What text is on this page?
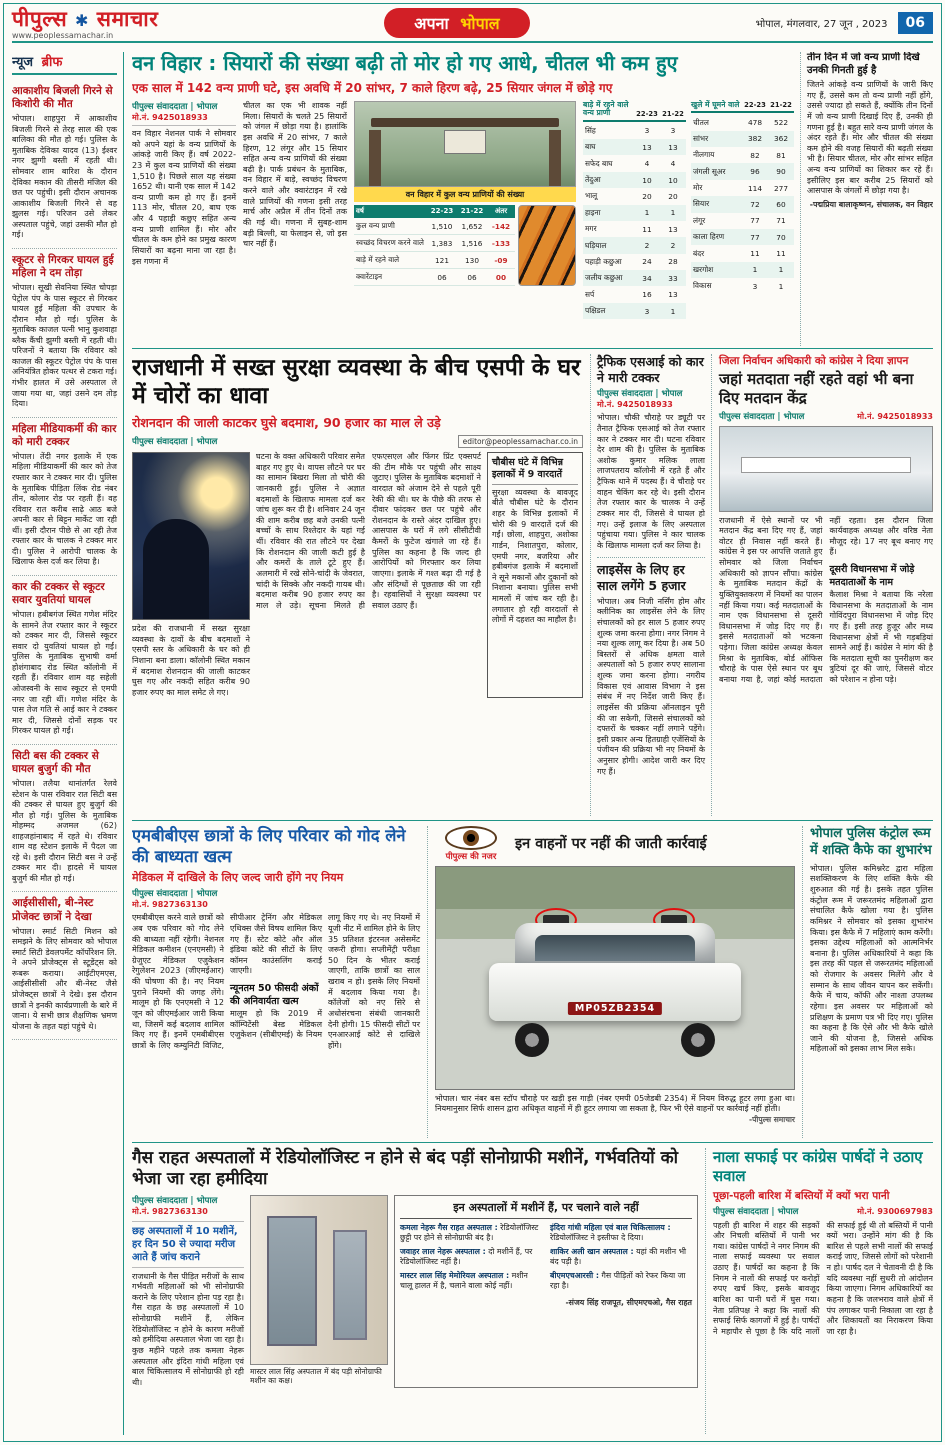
पीपुल्स ✱ समाचार
www.peoplessamachar.in
अपना भोपाल	भोपाल, मंगलवार, 27 जून , 2023	06
न्यूज ब्रीफ
आकाशीय बिजली गिरने से किशोरी की मौत

भोपाल। शाहपुरा में आकाशीय बिजली गिरने से तेरह साल की एक बालिका की मौत हो गई। पुलिस के मुताबिक देविका यादव (13) ईश्वर नगर झुग्गी बस्ती में रहती थी। सोमवार शाम बारिश के दौरान देविका मकान की तीसरी मंजिल की छत पर पहुंची। इसी दौरान अचानक आकाशीय बिजली गिरने से वह झुलस गई। परिजन उसे लेकर अस्पताल पहुंचे, जहां उसकी मौत हो गई।

स्कूटर से गिरकर घायल हुई महिला ने दम तोड़ा

भोपाल। सूखी सेवनिया स्थित चोपड़ा पेट्रोल पंप के पास स्कूटर से गिरकर घायल हुई महिला की उपचार के दौरान मौत हो गई। पुलिस के मुताबिक काजल पत्नी भानु कुशवाहा ब्लैक कैंची झुग्गी बस्ती में रहती थी। परिजनों ने बताया कि रविवार को काजल की स्कूटर पेट्रोल पंप के पास अनियंत्रित होकर पत्थर से टकरा गई। गंभीर हालत में उसे अस्पताल ले जाया गया था, जहां उसने दम तोड़ दिया।

महिला मीडियाकर्मी की कार को मारी टक्कर

भोपाल। तेंदी नगर इलाके में एक महिला मीडियाकर्मी की कार को तेज रफ्तार कार ने टक्कर मार दी। पुलिस के मुताबिक पीड़िता लिंक रोड नंबर तीन, कोलार रोड पर रहती हैं। वह रविवार रात करीब साढ़े आठ बजे अपनी कार से बिट्टन मार्केट जा रही थीं। इसी दौरान पीछे से आ रही तेज रफ्तार कार के चालक ने टक्कर मार दी। पुलिस ने आरोपी चालक के खिलाफ केस दर्ज कर लिया है।

कार की टक्कर से स्कूटर सवार युवतियां घायल

भोपाल। हबीबगंज स्थित गणेश मंदिर के सामने तेज रफ्तार कार ने स्कूटर को टक्कर मार दी, जिससे स्कूटर सवार दो युवतियां घायल हो गईं। पुलिस के मुताबिक सुभाषी वर्मा होशंगाबाद रोड स्थित कॉलोनी में रहती हैं। रविवार शाम वह सहेली ओजस्वनी के साथ स्कूटर से एमपी नगर जा रही थीं। गणेश मंदिर के पास तेज गति से आई कार ने टक्कर मार दी, जिससे दोनों सड़क पर गिरकर घायल हो गईं।

सिटी बस की टक्कर से घायल बुजुर्ग की मौत

भोपाल। तलैया थानांतर्गत रेलवे स्टेशन के पास रविवार रात सिटी बस की टक्कर से घायल हुए बुजुर्ग की मौत हो गई। पुलिस के मुताबिक मोहम्मद अजमल (62) शाहजहांनाबाद में रहते थे। रविवार शाम वह स्टेशन इलाके में पैदल जा रहे थे। इसी दौरान सिटी बस ने उन्हें टक्कर मार दी। हादसे में घायल बुजुर्ग की मौत हो गई।

आईसीसीसी, बी-नेस्ट प्रोजेक्ट छात्रों ने देखा

भोपाल। स्मार्ट सिटी मिशन को समझने के लिए सोमवार को भोपाल स्मार्ट सिटी डेवलपमेंट कॉर्पोरेशन लि. ने अपने प्रोजेक्ट्स से स्टूडेंट्स को रूबरू कराया। आईटीएमएस, आईसीसीसी और बी-नेस्ट जैसे प्रोजेक्ट्स छात्रों ने देखे। इस दौरान छात्रों ने इनकी कार्यप्रणाली के बारे में जाना। ये सभी छात्र शैक्षणिक भ्रमण योजना के तहत यहां पहुंचे थे।

वन विहार : सियारों की संख्या बढ़ी तो मोर हो गए आधे, चीतल भी कम हुए
एक साल में 142 वन्य प्राणी घटे, इस अवधि में 20 सांभर, 7 काले हिरण बढ़े, 25 सियार जंगल में छोड़े गए
पीपुल्स संवाददाता | भोपाल
मो.नं. 9425018933

वन विहार नेशनल पार्क ने सोमवार को अपने यहां के वन्य प्राणियों के आंकड़े जारी किए हैं। वर्ष 2022-23 में कुल वन्य प्राणियों की संख्या 1,510 है। पिछले साल यह संख्या 1652 थी। यानी एक साल में 142 वन्य प्राणी कम हो गए हैं। इनमें 113 मोर, चीतल 20, बाघ एक और 4 पहाड़ी कछुए सहित अन्य वन्य प्राणी शामिल हैं। मोर और चीतल के कम होने का प्रमुख कारण सियारों का बढ़ना माना जा रहा है। इस गणना में

चीतल का एक भी शावक नहीं मिला। सियारों के चलते 25 सियारों को जंगल में छोड़ा गया है। हालांकि इस अवधि में 20 सांभर, 7 काले हिरण, 12 लंगूर और 15 सियार सहित अन्य वन्य प्राणियों की संख्या बढ़ी है। पार्क प्रबंधन के मुताबिक, वन विहार में बाड़े, स्वच्छंद विचरण करने वाले और क्वारंटाइन में रखे वाले प्राणियों की गणना इसी तरह मार्च और अप्रैल में तीन दिनों तक की गई थी। गणना में सुबह-शाम बड़ी बिल्ली, या फेलाइन से, जो इस चार नहीं हैं।

वन विहार में कुल वन्य प्राणियों की संख्या
वर्ष	22-23	21-22	अंतर
कुल वन्य प्राणी	1,510	1,652	-142
स्वच्छंद विचरण करने वाले	1,383	1,516	-133
बाड़े में रहने वाले	121	130	-09
क्वारेंटाइन	06	06	00
बाड़े में रहने वाले वन्य प्राणी	22-23 21-22
सिंह	3	3
बाघ	13	13
सफेद बाघ	4	4
तेंदुआ	10	10
भालू	20	20
हाइना	1	1
मगर	11	13
घड़ियाल	2	2
पहाड़ी कछुआ	24	28
जलीय कछुआ	34	33
सर्प	16	13
पक्षिडल	3	1
खुले में घूमने वाले 22-23 21-22
चीतल	478	522
सांभर	382	362
नीलगाय	82	81
जंगली सूअर	96	90
मोर	114	277
सियार	72	60
लंगूर	77	71
काला हिरण	77	70
बंदर	11	11
खरगोश	1	1
विकास	3	1
तीन दिन में जो वन्य प्राणी दिखे उनकी गिनती हुई है

जितने आंकड़े वन्य प्राणियों के जारी किए गए हैं, उससे कम तो वन्य प्राणी नहीं होंगे, उससे ज्यादा हो सकते हैं, क्योंकि तीन दिनों में जो वन्य प्राणी दिखाई दिए हैं, उनकी ही गणना हुई है। बहुत सारे वन्य प्राणी जंगल के अंदर रहते हैं। मोर और चीतल की संख्या कम होने की वजह सियारों की बढ़ती संख्या भी है। सियार चीतल, मोर और सांभर सहित अन्य वन्य प्राणियों का शिकार कर रहे हैं। इसीलिए इस बार करीब 25 सियारों को आसपास के जंगलों में छोड़ा गया है।

-पद्मप्रिया बालाकृष्णन, संचालक, वन विहार
राजधानी में सख्त सुरक्षा व्यवस्था के बीच एसपी के घर में चोरों का धावा
रोशनदान की जाली काटकर घुसे बदमाश, 90 हजार का माल ले उड़े
पीपुल्स संवाददाता | भोपाल	editor@peoplessamachar.co.in

प्रदेश की राजधानी में सख्त सुरक्षा व्यवस्था के दावों के बीच बदमाशों ने एसपी स्तर के अधिकारी के घर को ही निशाना बना डाला। कॉलोनी स्थित मकान में बदमाश रोशनदान की जाली काटकर घुस गए और नकदी सहित करीब 90 हजार रुपए का माल समेट ले गए।

घटना के वक्त अधिकारी परिवार समेत बाहर गए हुए थे। वापस लौटने पर घर का सामान बिखरा मिला तो चोरी की जानकारी हुई। पुलिस ने अज्ञात बदमाशों के खिलाफ मामला दर्ज कर जांच शुरू कर दी है। शनिवार 24 जून की शाम करीब छह बजे उनकी पत्नी बच्चों के साथ रिश्तेदार के यहां गई थीं। रविवार की रात लौटने पर देखा कि रोशनदान की जाली कटी हुई है और कमरों के ताले टूटे हुए हैं। अलमारी में रखे सोने-चांदी के जेवरात, चांदी के सिक्के और नकदी गायब थी। बदमाश करीब 90 हजार रुपए का माल ले उड़े। सूचना मिलते ही एफएसएल और फिंगर प्रिंट एक्सपर्ट की टीम मौके पर पहुंची और साक्ष्य जुटाए। पुलिस के मुताबिक बदमाशों ने वारदात को अंजाम देने से पहले पूरी रेकी की थी। घर के पीछे की तरफ से दीवार फांदकर छत पर पहुंचे और रोशनदान के रास्ते अंदर दाखिल हुए। आसपास के घरों में लगे सीसीटीवी कैमरों के फुटेज खंगाले जा रहे हैं। पुलिस का कहना है कि जल्द ही आरोपियों को गिरफ्तार कर लिया जाएगा। इलाके में गश्त बढ़ा दी गई है और संदिग्धों से पूछताछ की जा रही है। रहवासियों ने सुरक्षा व्यवस्था पर सवाल उठाए हैं।
चौबीस घंटे में विभिन्न इलाकों में 9 वारदातें

सुरक्षा व्यवस्था के बावजूद बीते चौबीस घंटे के दौरान शहर के विभिन्न इलाकों में चोरी की 9 वारदातें दर्ज की गईं। छोला, शाहपुरा, अशोका गार्डन, निशातपुरा, कोलार, एमपी नगर, बजरिया और हबीबगंज इलाके में बदमाशों ने सूने मकानों और दुकानों को निशाना बनाया। पुलिस सभी मामलों में जांच कर रही है। लगातार हो रही वारदातों से लोगों में दहशत का माहौल है।

ट्रैफिक एसआई को कार ने मारी टक्कर
पीपुल्स संवाददाता | भोपाल
मो.नं. 9425018933

भोपाल। चौकी चौराहे पर ड्यूटी पर तैनात ट्रैफिक एसआई को तेज रफ्तार कार ने टक्कर मार दी। घटना रविवार देर शाम की है। पुलिस के मुताबिक अशोक कुमार मलिक लाला लाजपतराय कॉलोनी में रहते हैं और ट्रैफिक थाने में पदस्थ हैं। वे चौराहे पर वाहन चेकिंग कर रहे थे। इसी दौरान तेज रफ्तार कार के चालक ने उन्हें टक्कर मार दी, जिससे वे घायल हो गए। उन्हें इलाज के लिए अस्पताल पहुंचाया गया। पुलिस ने कार चालक के खिलाफ मामला दर्ज कर लिया है।

लाइसेंस के लिए हर साल लगेंगे 5 हजार

भोपाल। अब निजी नर्सिंग होम और क्लीनिक का लाइसेंस लेने के लिए संचालकों को हर साल 5 हजार रुपए शुल्क जमा करना होगा। नगर निगम ने नया शुल्क लागू कर दिया है। अब 50 बिस्तरों से अधिक क्षमता वाले अस्पतालों को 5 हजार रुपए सालाना शुल्क जमा करना होगा। नगरीय विकास एवं आवास विभाग ने इस संबंध में नए निर्देश जारी किए हैं। लाइसेंस की प्रक्रिया ऑनलाइन पूरी की जा सकेगी, जिससे संचालकों को दफ्तरों के चक्कर नहीं लगाने पड़ेंगे। इसी प्रकार अन्य हितग्राही एजेंसियों के पंजीयन की प्रक्रिया भी नए नियमों के अनुसार होगी। आदेश जारी कर दिए गए हैं।

जिला निर्वाचन अधिकारी को कांग्रेस ने दिया ज्ञापन
जहां मतदाता नहीं रहते वहां भी बना दिए मतदान केंद्र
पीपुल्स संवाददाता | भोपाल	मो.नं. 9425018933

राजधानी में ऐसे स्थानों पर भी मतदान केंद्र बना दिए गए हैं, जहां वोटर ही निवास नहीं करते हैं। कांग्रेस ने इस पर आपत्ति जताते हुए सोमवार को जिला निर्वाचन अधिकारी को ज्ञापन सौंपा। कांग्रेस के मुताबिक मतदान केंद्रों के युक्तियुक्तकरण में नियमों का पालन नहीं किया गया। कई मतदाताओं के नाम एक विधानसभा से दूसरी विधानसभा में जोड़ दिए गए हैं। इससे मतदाताओं को भटकना पड़ेगा। जिला कांग्रेस अध्यक्ष केवल मिश्रा के मुताबिक, बोर्ड ऑफिस चौराहे के पास ऐसे स्थान पर बूथ बनाया गया है, जहां कोई मतदाता नहीं रहता। इस दौरान जिला कार्यवाहक अध्यक्ष और वरिष्ठ नेता मौजूद रहे। 17 नए बूथ बनाए गए हैं।

दूसरी विधानसभा में जोड़े मतदाताओं के नाम

कैलाश मिश्रा ने बताया कि नरेला विधानसभा के मतदाताओं के नाम गोविंदपुरा विधानसभा में जोड़ दिए गए हैं। इसी तरह हुजूर और मध्य विधानसभा क्षेत्रों में भी गड़बड़ियां सामने आई हैं। कांग्रेस ने मांग की है कि मतदाता सूची का पुनरीक्षण कर त्रुटियां दूर की जाएं, जिससे वोटर को परेशान न होना पड़े।

एमबीबीएस छात्रों के लिए परिवार को गोद लेने की बाध्यता खत्म
मेडिकल में दाखिले के लिए जल्द जारी होंगे नए नियम
पीपुल्स संवाददाता | भोपाल
मो.नं. 9827363130

एमबीबीएस करने वाले छात्रों को अब एक परिवार को गोद लेने की बाध्यता नहीं रहेगी। नेशनल मेडिकल कमीशन (एनएमसी) ने ग्रेजुएट मेडिकल एजुकेशन रेगुलेशन 2023 (जीएमईआर) की घोषणा की है। नए नियम पुराने नियमों की जगह लेंगे। मालूम हो कि एनएमसी ने 12 जून को जीएमईआर जारी किया था, जिसमें कई बदलाव शामिल किए गए हैं। इनमें एमबीबीएस छात्रों के लिए कम्युनिटी विजिट, सीपीआर ट्रेनिंग और मेडिकल एथिक्स जैसे विषय शामिल किए गए हैं। स्टेट कोटे और ऑल इंडिया कोटे की सीटों के लिए कॉमन काउंसलिंग कराई जाएगी।

न्यूनतम 50 फीसदी अंकों की अनिवार्यता खत्म

मालूम हो कि 2019 में कॉम्पिटेंसी बेस्ड मेडिकल एजुकेशन (सीबीएमई) के नियम लागू किए गए थे। नए नियमों में यूजी नीट में शामिल होने के लिए 35 प्रतिशत इंटरनल असेसमेंट जरूरी होगा। सप्लीमेंट्री परीक्षा 50 दिन के भीतर कराई जाएगी, ताकि छात्रों का साल खराब न हो। इसके लिए नियमों में बदलाव किया गया है। कॉलेजों को नए सिरे से अधोसंरचना संबंधी जानकारी देनी होगी। 15 फीसदी सीटों पर एनआरआई कोटे से दाखिले होंगे।

पीपुल्स की नजर
इन वाहनों पर नहीं की जाती कार्रवाई
MP05ZB2354

भोपाल। चार नंबर बस स्टॉप चौराहे पर खड़ी इस गाड़ी (नंबर एमपी 05जेडबी 2354) में नियम विरुद्ध हूटर लगा हुआ था। नियमानुसार सिर्फ शासन द्वारा अधिकृत वाहनों में ही हूटर लगाया जा सकता है, फिर भी ऐसे वाहनों पर कार्रवाई नहीं होती।

-पीपुल्स समाचार
भोपाल पुलिस कंट्रोल रूम में शक्ति कैफे का शुभारंभ

भोपाल। पुलिस कमिश्नरेट द्वारा महिला सशक्तिकरण के लिए शक्ति कैफे की शुरुआत की गई है। इसके तहत पुलिस कंट्रोल रूम में जरूरतमंद महिलाओं द्वारा संचालित कैफे खोला गया है। पुलिस कमिश्नर ने सोमवार को इसका शुभारंभ किया। इस कैफे में 7 महिलाएं काम करेंगी। इसका उद्देश्य महिलाओं को आत्मनिर्भर बनाना है। पुलिस अधिकारियों ने कहा कि इस तरह की पहल से जरूरतमंद महिलाओं को रोजगार के अवसर मिलेंगे और वे सम्मान के साथ जीवन यापन कर सकेंगी। कैफे में चाय, कॉफी और नाश्ता उपलब्ध रहेगा। इस अवसर पर महिलाओं को प्रशिक्षण के प्रमाण पत्र भी दिए गए। पुलिस का कहना है कि ऐसे और भी कैफे खोले जाने की योजना है, जिससे अधिक महिलाओं को इसका लाभ मिल सके।

गैस राहत अस्पतालों में रेडियोलॉजिस्ट न होने से बंद पड़ीं सोनोग्राफी मशीनें, गर्भवतियों को भेजा जा रहा हमीदिया
पीपुल्स संवाददाता | भोपाल
मो.नं. 9827363130
छह अस्पतालों में 10 मशीनें, हर दिन 50 से ज्यादा मरीज आते हैं जांच कराने

राजधानी के गैस पीड़ित मरीजों के साथ गर्भवती महिलाओं को भी सोनोग्राफी कराने के लिए परेशान होना पड़ रहा है। गैस राहत के छह अस्पतालों में 10 सोनोग्राफी मशीनें हैं, लेकिन रेडियोलॉजिस्ट न होने के कारण मरीजों को हमीदिया अस्पताल भेजा जा रहा है। कुछ महीने पहले तक कमला नेहरू अस्पताल और इंदिरा गांधी महिला एवं बाल चिकित्सालय में सोनोग्राफी हो रही थी।

मास्टर लाल सिंह अस्पताल में बंद पड़ी सोनोग्राफी मशीन का कक्ष।

इन अस्पतालों में मशीनें हैं, पर चलाने वाले नहीं
कमला नेहरू गैस राहत अस्पताल : रेडियोलॉजिस्ट छुट्टी पर होने से सोनोग्राफी बंद है।
जवाहर लाल नेहरू अस्पताल : दो मशीनें हैं, पर रेडियोलॉजिस्ट नहीं है।
मास्टर लाल सिंह मेमोरियल अस्पताल : मशीन चालू हालत में है, चलाने वाला कोई नहीं।
इंदिरा गांधी महिला एवं बाल चिकित्सालय : रेडियोलॉजिस्ट ने इस्तीफा दे दिया।
शाकिर अली खान अस्पताल : यहां की मशीन भी बंद पड़ी है।
बीएमएचआरसी : गैस पीड़ितों को रेफर किया जा रहा है।
-संजय सिंह राजपूत, सीएमएचओ, गैस राहत
नाला सफाई पर कांग्रेस पार्षदों ने उठाए सवाल
पूछा-पहली बारिश में बस्तियों में क्यों भरा पानी
पीपुल्स संवाददाता | भोपाल	मो.नं. 9300697983
पहली ही बारिश में शहर की सड़कों और निचली बस्तियों में पानी भर गया। कांग्रेस पार्षदों ने नगर निगम की नाला सफाई व्यवस्था पर सवाल उठाए हैं। पार्षदों का कहना है कि निगम ने नालों की सफाई पर करोड़ों रुपए खर्च किए, इसके बावजूद बारिश का पानी घरों में घुस गया। नेता प्रतिपक्ष ने कहा कि नालों की सफाई सिर्फ कागजों में हुई है। पार्षदों ने महापौर से पूछा है कि यदि नालों की सफाई हुई थी तो बस्तियों में पानी क्यों भरा। उन्होंने मांग की है कि बारिश से पहले सभी नालों की सफाई कराई जाए, जिससे लोगों को परेशानी न हो। पार्षद दल ने चेतावनी दी है कि यदि व्यवस्था नहीं सुधरी तो आंदोलन किया जाएगा। निगम अधिकारियों का कहना है कि जलभराव वाले क्षेत्रों में पंप लगाकर पानी निकाला जा रहा है और शिकायतों का निराकरण किया जा रहा है।
